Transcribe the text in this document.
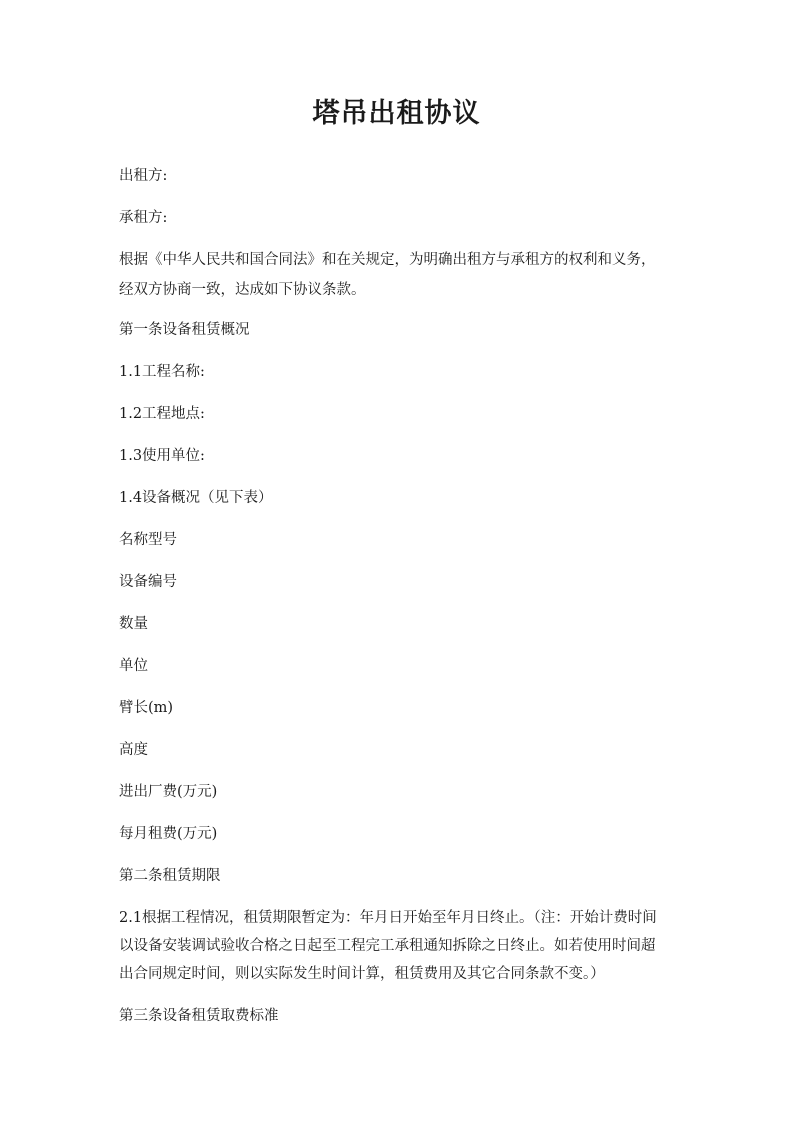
塔吊出租协议
出租方:
承租方:
根据《中华人民共和国合同法》和在关规定，为明确出租方与承租方的权利和义务，
经双方协商一致，达成如下协议条款。
第一条设备租赁概况
1.1工程名称:
1.2工程地点:
1.3使用单位:
1.4设备概况（见下表）
名称型号
设备编号
数量
单位
臂长(m)
高度
进出厂费(万元)
每月租费(万元)
第二条租赁期限
2.1根据工程情况，租赁期限暂定为：年月日开始至年月日终止。（注：开始计费时间
以设备安装调试验收合格之日起至工程完工承租通知拆除之日终止。如若使用时间超
出合同规定时间，则以实际发生时间计算，租赁费用及其它合同条款不变。）
第三条设备租赁取费标准
